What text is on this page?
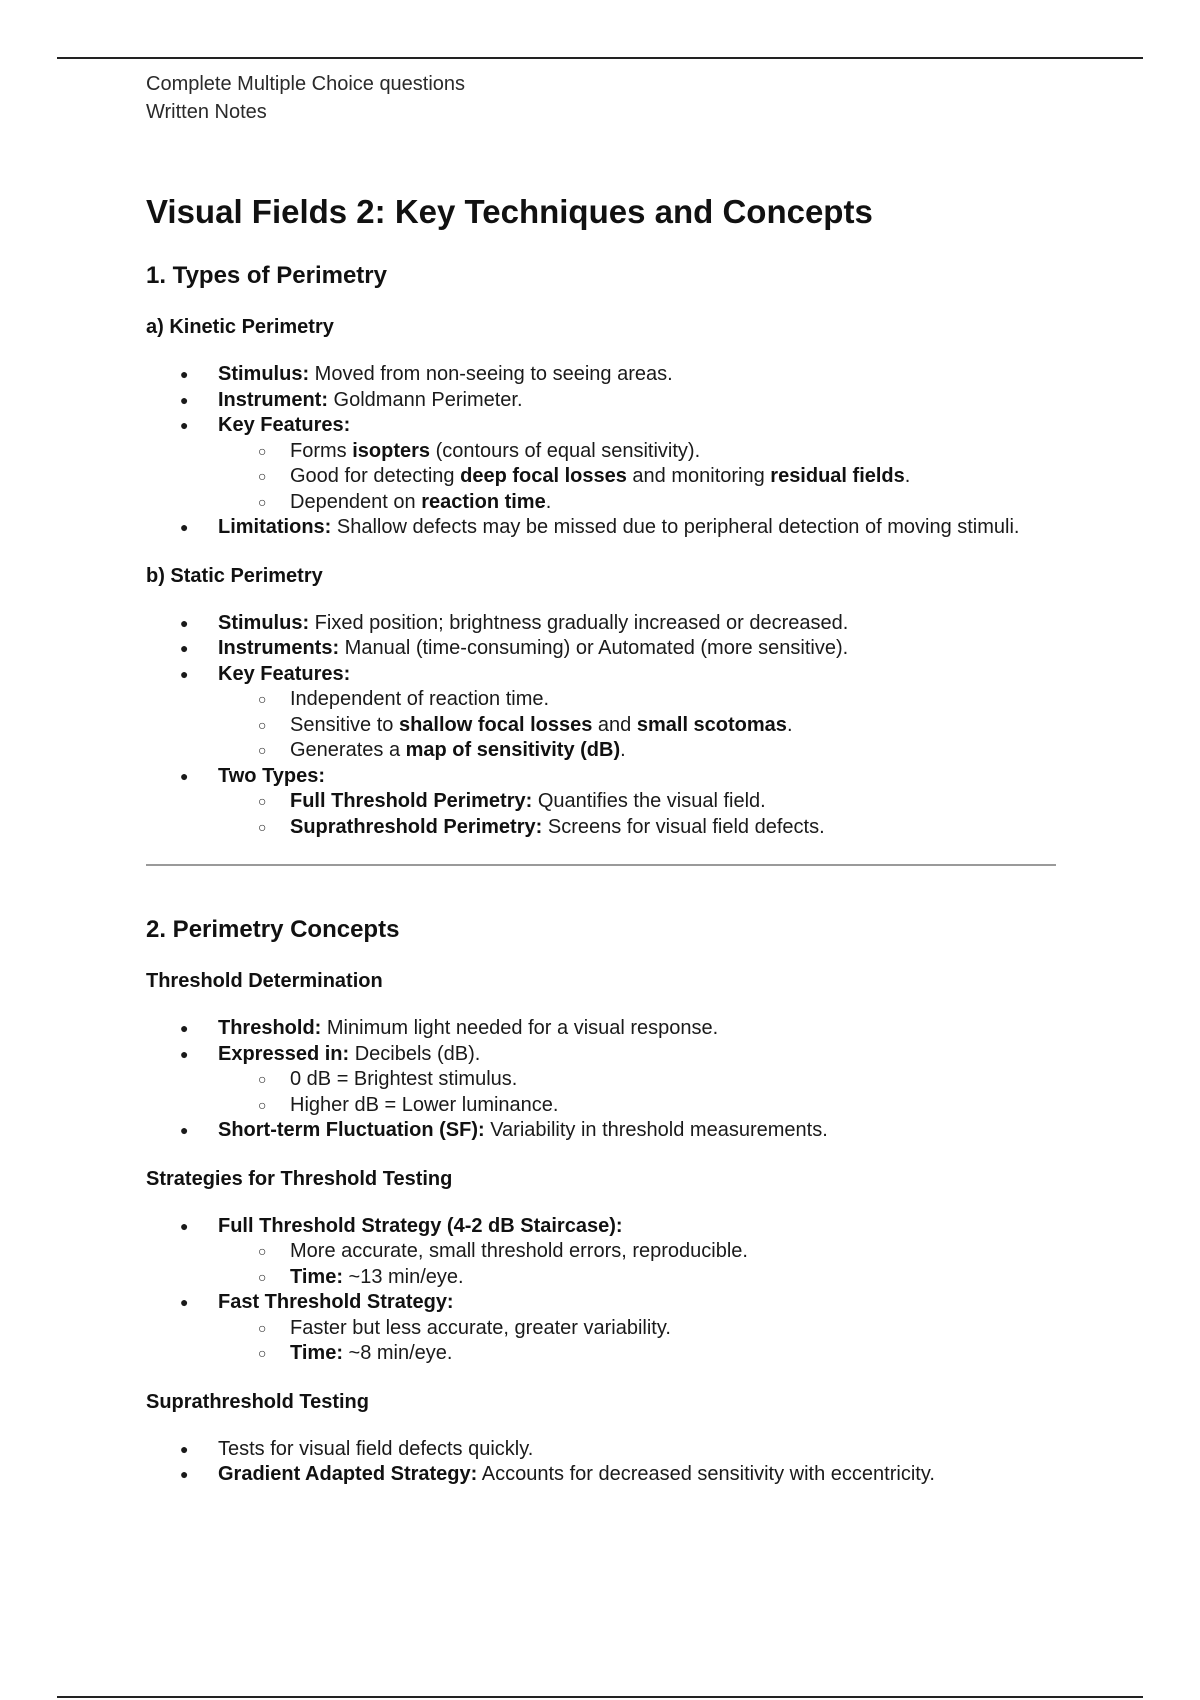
Complete Multiple Choice questions
Written Notes
Visual Fields 2: Key Techniques and Concepts
1. Types of Perimetry
a) Kinetic Perimetry
● Stimulus: Moved from non-seeing to seeing areas.
● Instrument: Goldmann Perimeter.
● Key Features:
○ Forms isopters (contours of equal sensitivity).
○ Good for detecting deep focal losses and monitoring residual fields.
○ Dependent on reaction time.
● Limitations: Shallow defects may be missed due to peripheral detection of moving stimuli.
b) Static Perimetry
● Stimulus: Fixed position; brightness gradually increased or decreased.
● Instruments: Manual (time-consuming) or Automated (more sensitive).
● Key Features:
○ Independent of reaction time.
○ Sensitive to shallow focal losses and small scotomas.
○ Generates a map of sensitivity (dB).
● Two Types:
○ Full Threshold Perimetry: Quantifies the visual field.
○ Suprathreshold Perimetry: Screens for visual field defects.
2. Perimetry Concepts
Threshold Determination
● Threshold: Minimum light needed for a visual response.
● Expressed in: Decibels (dB).
○ 0 dB = Brightest stimulus.
○ Higher dB = Lower luminance.
● Short-term Fluctuation (SF): Variability in threshold measurements.
Strategies for Threshold Testing
● Full Threshold Strategy (4-2 dB Staircase):
○ More accurate, small threshold errors, reproducible.
○ Time: ~13 min/eye.
● Fast Threshold Strategy:
○ Faster but less accurate, greater variability.
○ Time: ~8 min/eye.
Suprathreshold Testing
● Tests for visual field defects quickly.
● Gradient Adapted Strategy: Accounts for decreased sensitivity with eccentricity.
